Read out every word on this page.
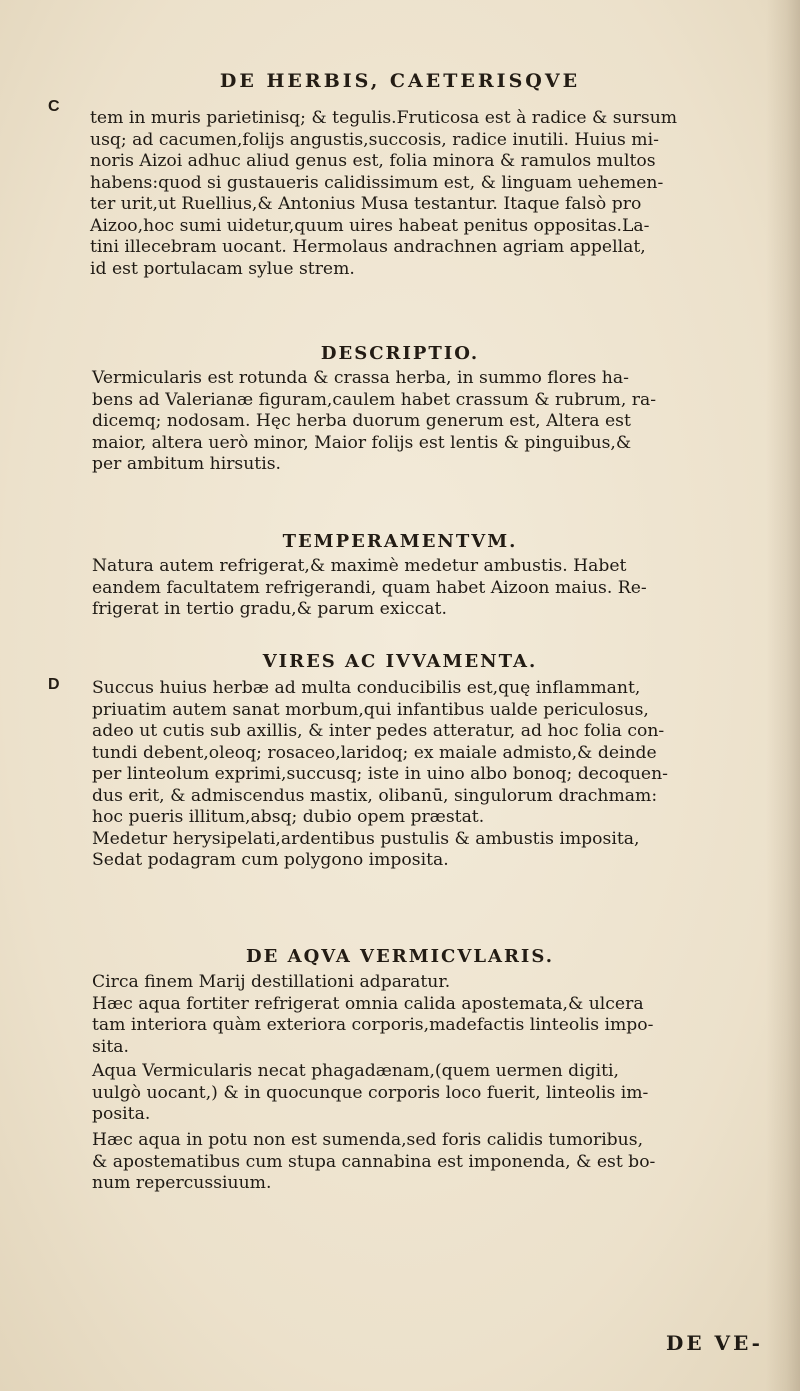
DE HERBIS, CAETERISQVE
C
D
tem in muris parietinisq; & tegulis.Fruticosa est à radice & sursum
usq; ad cacumen,folijs angustis,succosis, radice inutili. Huius mi-
noris Aizoi adhuc aliud genus est, folia minora & ramulos multos
habens:quod si gustaueris calidissimum est, & linguam uehemen-
ter urit,ut Ruellius,& Antonius Musa testantur. Itaque falsò pro
Aizoo,hoc sumi uidetur,quum uires habeat penitus oppositas.La-
tini illecebram uocant. Hermolaus andrachnen agriam appellat,
id est portulacam sylue strem.
DESCRIPTIO.
Vermicularis est rotunda & crassa herba, in summo flores ha-
bens ad Valerianæ figuram,caulem habet crassum & rubrum, ra-
dicemq; nodosam. Hęc herba duorum generum est, Altera est
maior, altera uerò minor, Maior folijs est lentis & pinguibus,&
per ambitum hirsutis.
TEMPERAMENTVM.
Natura autem refrigerat,& maximè medetur ambustis. Habet
eandem facultatem refrigerandi, quam habet Aizoon maius. Re-
frigerat in tertio gradu,& parum exiccat.
VIRES AC IVVAMENTA.
Succus huius herbæ ad multa conducibilis est,quę inflammant,
priuatim autem sanat morbum,qui infantibus ualde periculosus,
adeo ut cutis sub axillis, & inter pedes atteratur, ad hoc folia con-
tundi debent,oleoq; rosaceo,laridoq; ex maiale admisto,& deinde
per linteolum exprimi,succusq; iste in uino albo bonoq; decoquen-
dus erit, & admiscendus mastix, olibanū, singulorum drachmam:
hoc pueris illitum,absq; dubio opem præstat.
Medetur herysipelati,ardentibus pustulis & ambustis imposita,
Sedat podagram cum polygono imposita.
DE AQVA VERMICVLARIS.
Circa finem Marij destillationi adparatur.
Hæc aqua fortiter refrigerat omnia calida apostemata,& ulcera
tam interiora quàm exteriora corporis,madefactis linteolis impo-
sita.
Aqua Vermicularis necat phagadænam,(quem uermen digiti,
uulgò uocant,) & in quocunque corporis loco fuerit, linteolis im-
posita.
Hæc aqua in potu non est sumenda,sed foris calidis tumoribus,
& apostematibus cum stupa cannabina est imponenda, & est bo-
num repercussiuum.
DE VE-
